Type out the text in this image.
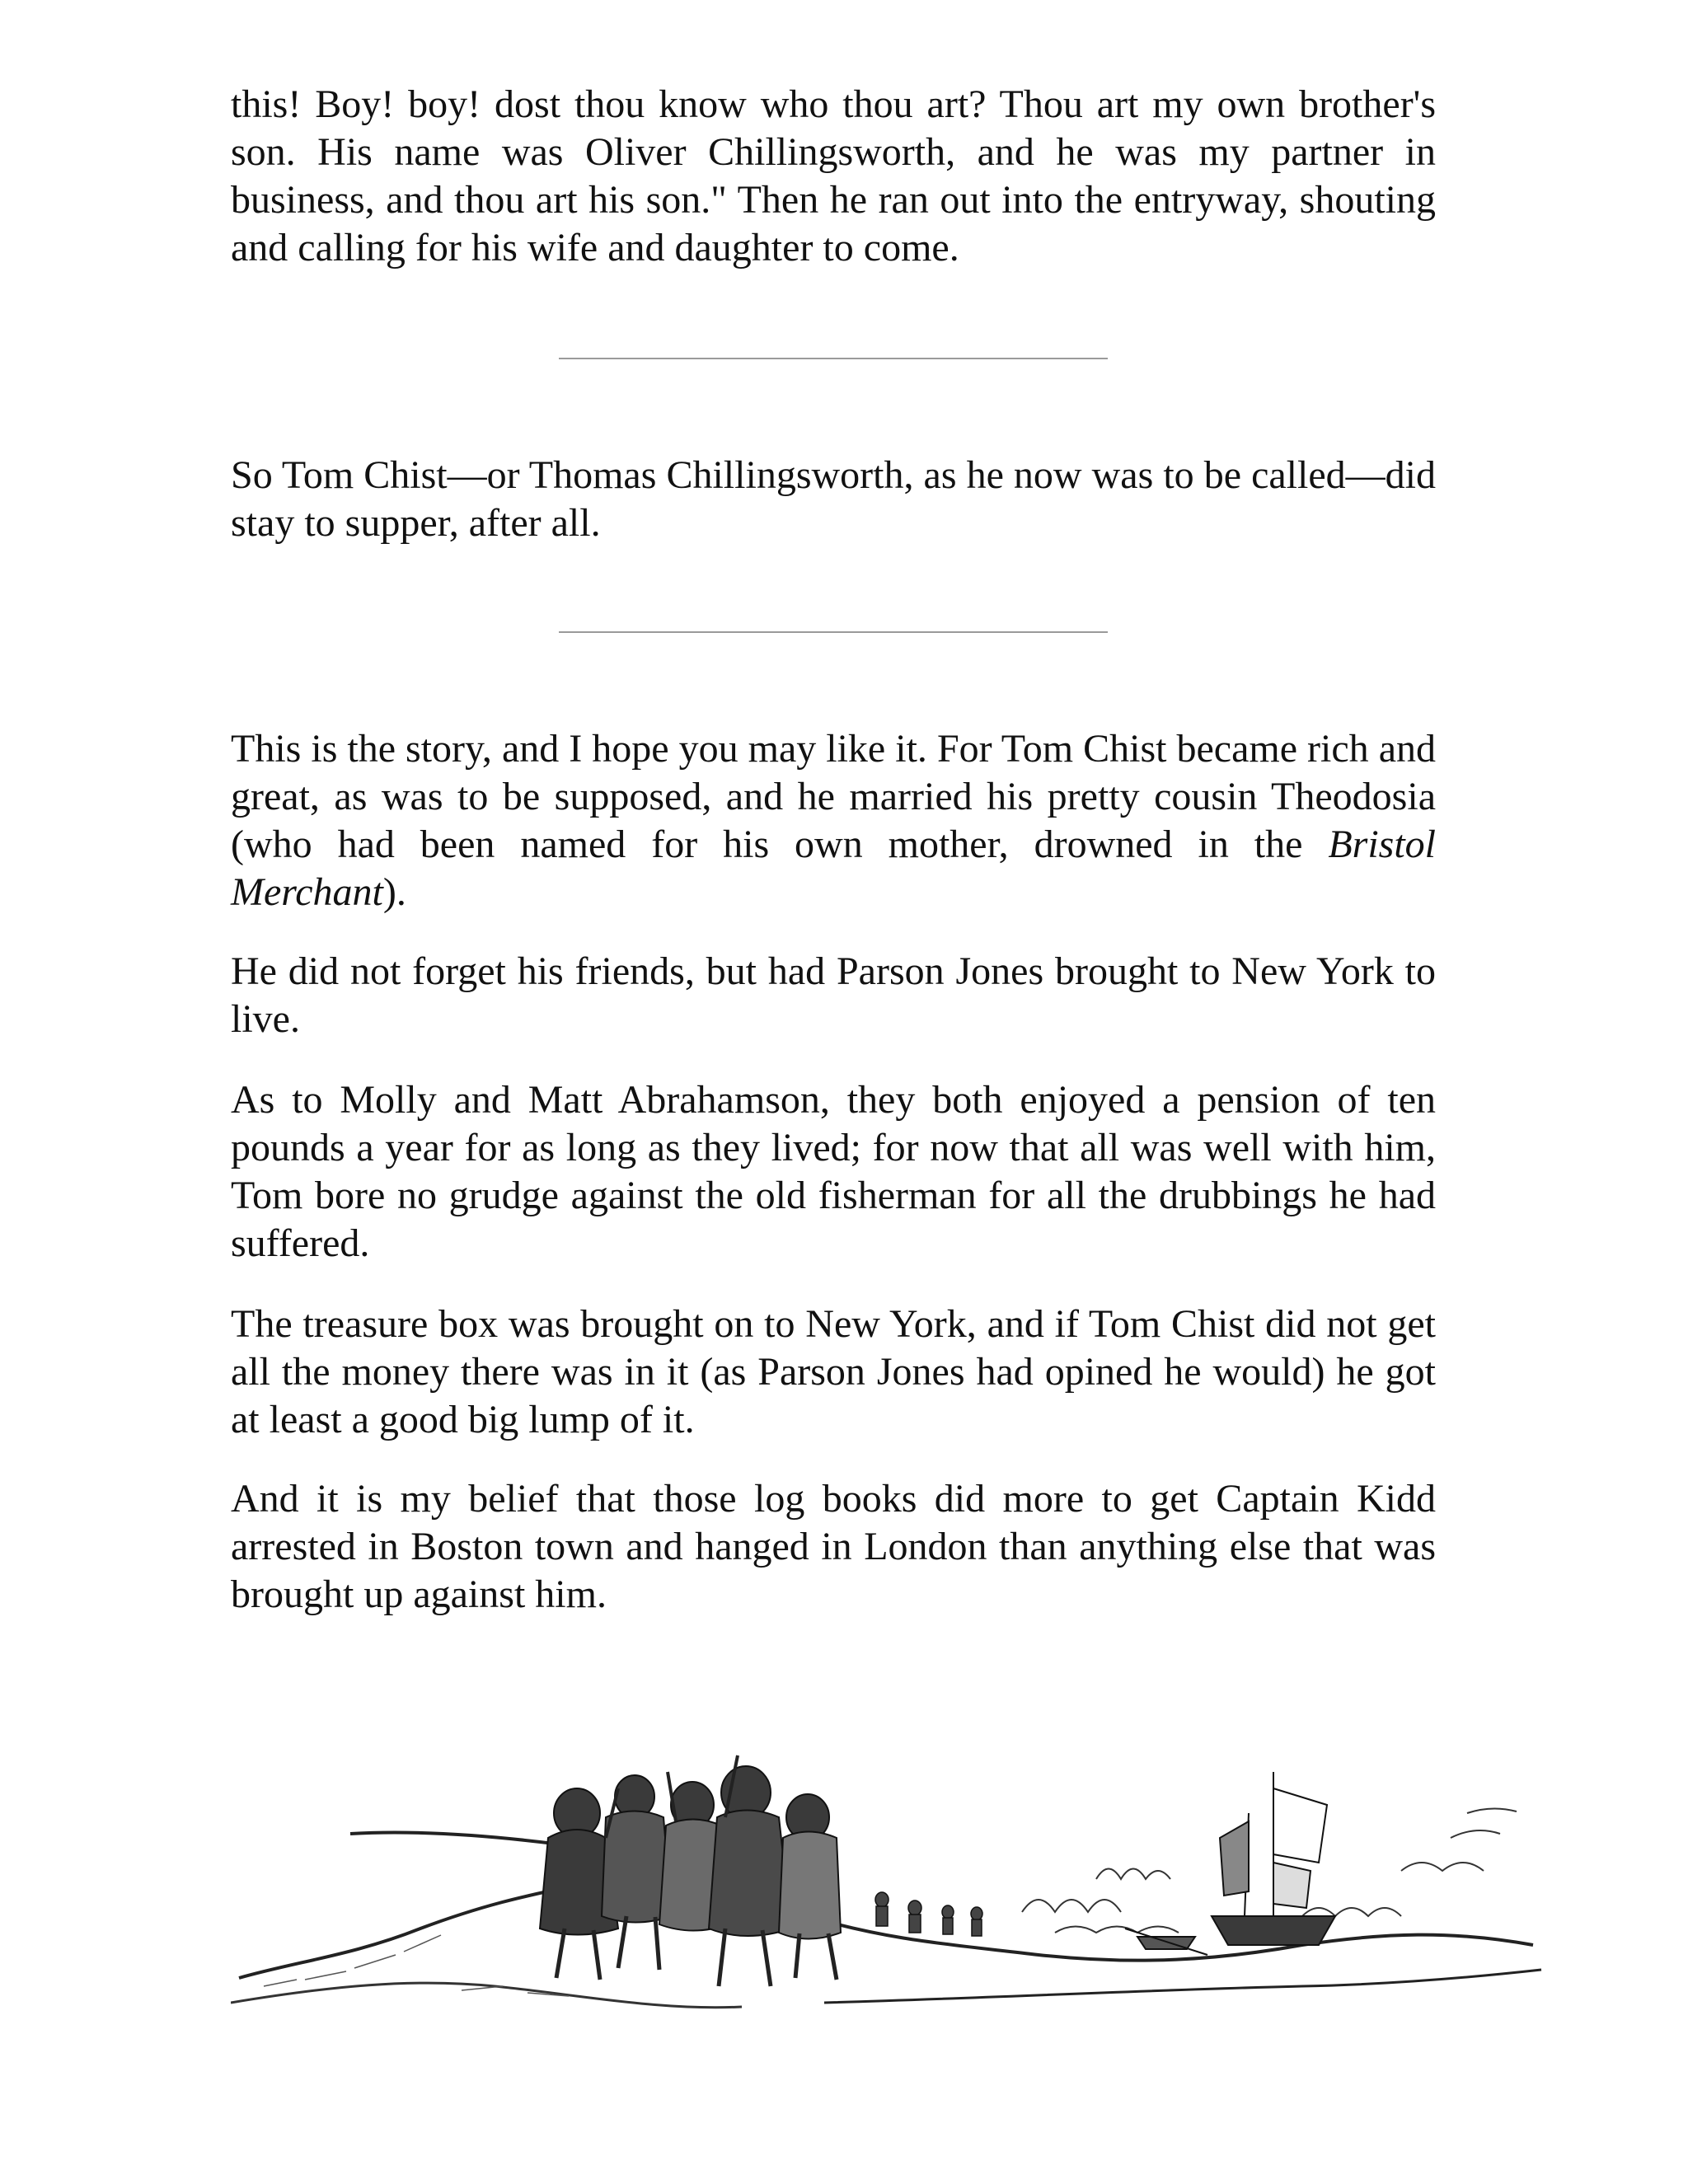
this! Boy! boy! dost thou know who thou art? Thou art my own brother's son. His name was Oliver Chillingsworth, and he was my partner in business, and thou art his son." Then he ran out into the entryway, shouting and calling for his wife and daughter to come.

So Tom Chist—or Thomas Chillingsworth, as he now was to be called—did stay to supper, after all.

This is the story, and I hope you may like it. For Tom Chist became rich and great, as was to be supposed, and he married his pretty cousin Theodosia (who had been named for his own mother, drowned in the Bristol Merchant).

He did not forget his friends, but had Parson Jones brought to New York to live.

As to Molly and Matt Abrahamson, they both enjoyed a pension of ten pounds a year for as long as they lived; for now that all was well with him, Tom bore no grudge against the old fisherman for all the drubbings he had suffered.

The treasure box was brought on to New York, and if Tom Chist did not get all the money there was in it (as Parson Jones had opined he would) he got at least a good big lump of it.

And it is my belief that those log books did more to get Captain Kidd arrested in Boston town and hanged in London than anything else that was brought up against him.
